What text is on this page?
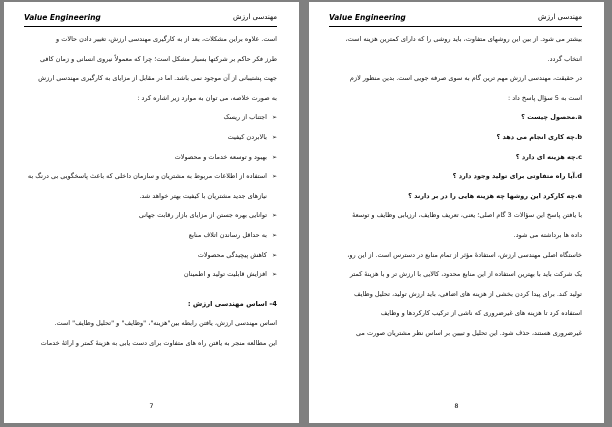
Value Engineering	مهندسی ارزش
است. علاوه براین مشکلات، بعد از به کارگیری مهندسی ارزش، تغییر دادن حالات و
طرز فکر حاکم بر شرکتها بسیار مشکل است؛ چرا که معمولاً نیروی انسانی و زمان کافی
جهت پشتیبانی از آن موجود نمی باشد. اما در مقابل از مزایای به کارگیری مهندسی ارزش
به صورت خلاصه، می توان به موارد زیر اشاره کرد :
➢ اجتناب از ریسک
➢ بالابردن کیفیت
➢ بهبود و توسعه خدمات و محصولات
➢ استفاده از اطلاعات مربوط به مشتریان و سازمان داخلی که باعث پاسخگویی بی درنگ به
نیازهای جدید مشتریان با کیفیت بهتر خواهد شد.
➢ توانایی بهره جستن از مزایای بازار رقابت جهانی
➢ به حداقل رساندن اتلاف منابع
➢ کاهش پیچیدگی محصولات
➢ افزایش قابلیت تولید و اطمینان
4- اساس مهندسی ارزش :
اساس مهندسی ارزش، یافتن رابطه بین"هزینه"، "وظایف" و "تحلیل وظایف" است.
این مطالعه منجر به یافتن راه های متفاوت برای دست یابی به هزینهٔ کمتر و ارائهٔ خدمات
7
Value Engineering	مهندسی ارزش
بیشتر می شود. از بین این روشهای متفاوت، باید روشی را که دارای کمترین هزینه است،
انتخاب گردد.
در حقیقت، مهندسی ارزش مهم ترین گام به سوی صرفه جویی است. بدین منظور لازم
است به 5 سؤال پاسخ داد :
a.محصول چیست ؟
b.چه کاری انجام می دهد ؟
c.چه هزینه ای دارد ؟
d.آیا راه متفاوتی برای تولید وجود دارد ؟
e.چه کارکرد این روشها چه هزینه هایی را در بر دارند ؟
با یافتن پاسخ این سؤالات 3 گام اصلی؛ یعنی، تعریف وظایف، ارزیابی وظایف و توسعهٔ
داده ها برداشته می شود.
خاستگاه اصلی مهندسی ارزش، استفادهٔ مؤثر از تمام منابع در دسترس است. از این رو،
یک شرکت باید با بهترین استفاده از این منابع محدود، کالایی با ارزش تر و با هزینهٔ کمتر
تولید کند. برای پیدا کردن بخشی از هزینه های اضافی، باید ارزش تولید، تحلیل وظایف
استفاده کرد تا هزینه های غیرضروری که ناشی از ترکیب کارکردها و وظایف
غیرضروری هستند، حذف شود. این تحلیل و تبیین بر اساس نظر مشتریان صورت می
8
